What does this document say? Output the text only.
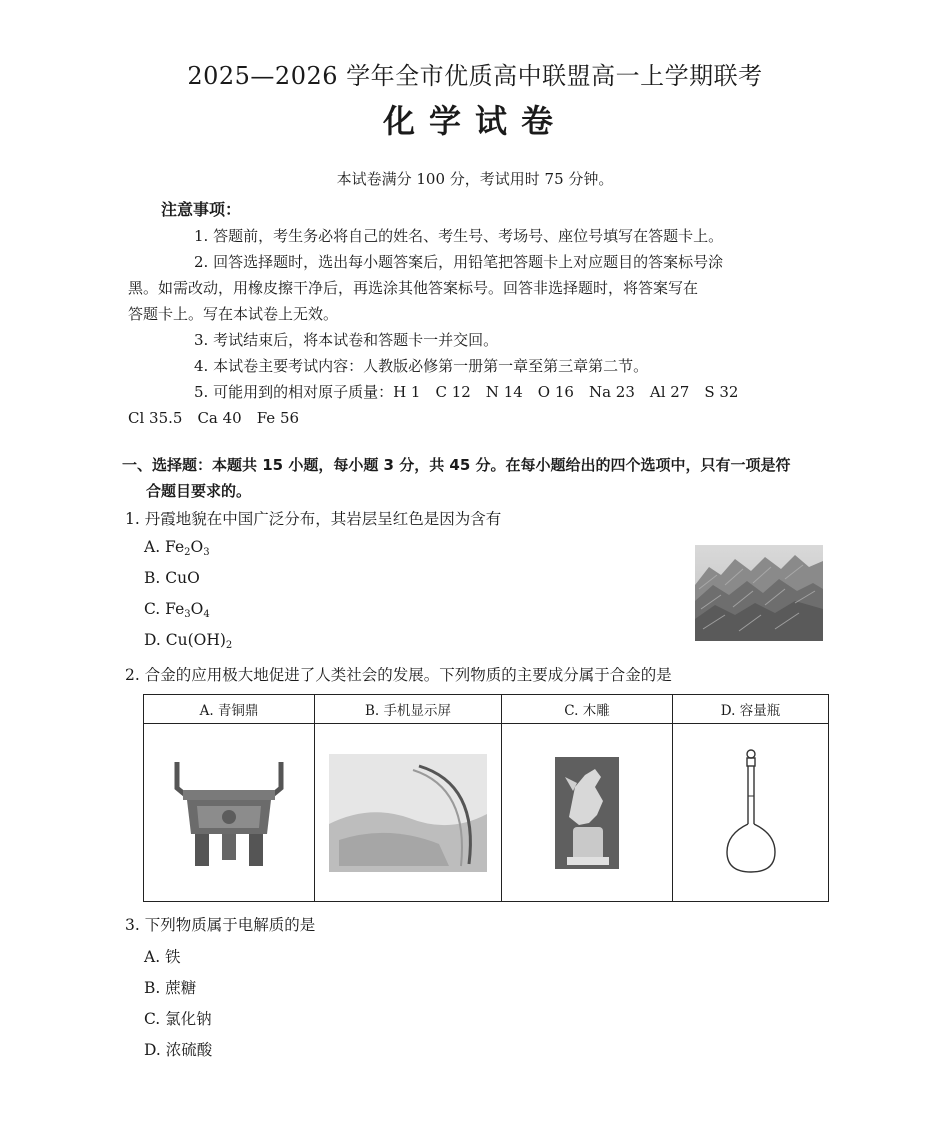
2025—2026 学年全市优质高中联盟高一上学期联考
化学试卷
本试卷满分 100 分，考试用时 75 分钟。
注意事项：
1. 答题前，考生务必将自己的姓名、考生号、考场号、座位号填写在答题卡上。
2. 回答选择题时，选出每小题答案后，用铅笔把答题卡上对应题目的答案标号涂
黑。如需改动，用橡皮擦干净后，再选涂其他答案标号。回答非选择题时，将答案写在
答题卡上。写在本试卷上无效。
3. 考试结束后，将本试卷和答题卡一并交回。
4. 本试卷主要考试内容：人教版必修第一册第一章至第三章第二节。
5. 可能用到的相对原子质量：H 1　C 12　N 14　O 16　Na 23　Al 27　S 32
Cl 35.5　Ca 40　Fe 56
一、选择题：本题共 15 小题，每小题 3 分，共 45 分。在每小题给出的四个选项中，只有一项是符
合题目要求的。
1. 丹霞地貌在中国广泛分布，其岩层呈红色是因为含有
A. $Fe_2O_3$
B. CuO
C. $Fe_3O_4$
D. $Cu(OH)_2$
2. 合金的应用极大地促进了人类社会的发展。下列物质的主要成分属于合金的是
A. 青铜鼎	B. 手机显示屏	C. 木雕	D. 容量瓶

3. 下列物质属于电解质的是
A. 铁
B. 蔗糖
C. 氯化钠
D. 浓硫酸
